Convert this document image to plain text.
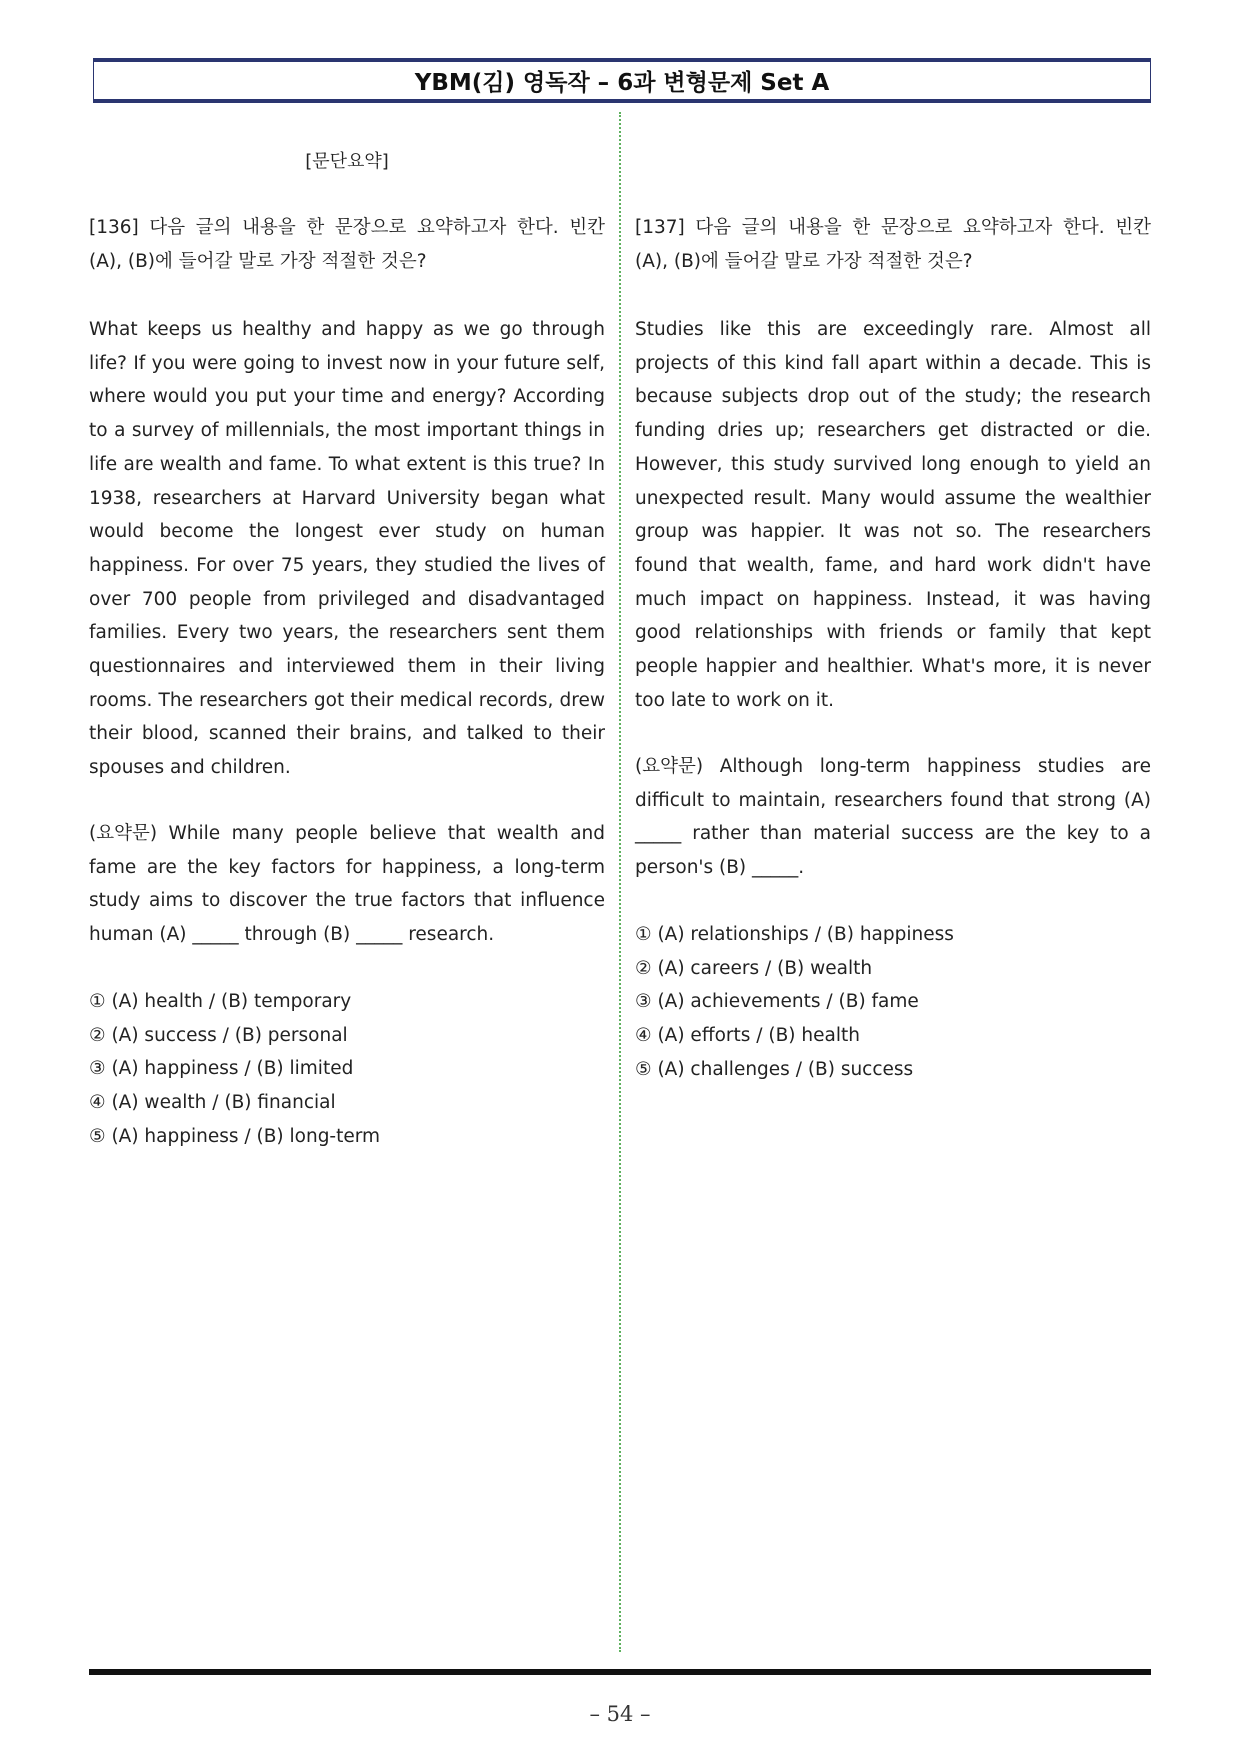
YBM(김) 영독작 – 6과 변형문제 Set A
[문단요약]
[136] 다음 글의 내용을 한 문장으로 요약하고자 한다. 빈칸 (A), (B)에 들어갈 말로 가장 적절한 것은?

What keeps us healthy and happy as we go through life? If you were going to invest now in your future self, where would you put your time and energy? According to a survey of millennials, the most important things in life are wealth and fame. To what extent is this true? In 1938, researchers at Harvard University began what would become the longest ever study on human happiness. For over 75 years, they studied the lives of over 700 people from privileged and disadvantaged families. Every two years, the researchers sent them questionnaires and interviewed them in their living rooms. The researchers got their medical records, drew their blood, scanned their brains, and talked to their spouses and children.

(요약문) While many people believe that wealth and fame are the key factors for happiness, a long-term study aims to discover the true factors that influence human (A) _____ through (B) _____ research.

① (A) health / (B) temporary
② (A) success / (B) personal
③ (A) happiness / (B) limited
④ (A) wealth / (B) financial
⑤ (A) happiness / (B) long-term
[137] 다음 글의 내용을 한 문장으로 요약하고자 한다. 빈칸 (A), (B)에 들어갈 말로 가장 적절한 것은?

Studies like this are exceedingly rare. Almost all projects of this kind fall apart within a decade. This is because subjects drop out of the study; the research funding dries up; researchers get distracted or die. However, this study survived long enough to yield an unexpected result. Many would assume the wealthier group was happier. It was not so. The researchers found that wealth, fame, and hard work didn't have much impact on happiness. Instead, it was having good relationships with friends or family that kept people happier and healthier. What's more, it is never too late to work on it.

(요약문) Although long-term happiness studies are difficult to maintain, researchers found that strong (A) _____ rather than material success are the key to a person's (B) _____.

① (A) relationships / (B) happiness
② (A) careers / (B) wealth
③ (A) achievements / (B) fame
④ (A) efforts / (B) health
⑤ (A) challenges / (B) success
– 54 –
